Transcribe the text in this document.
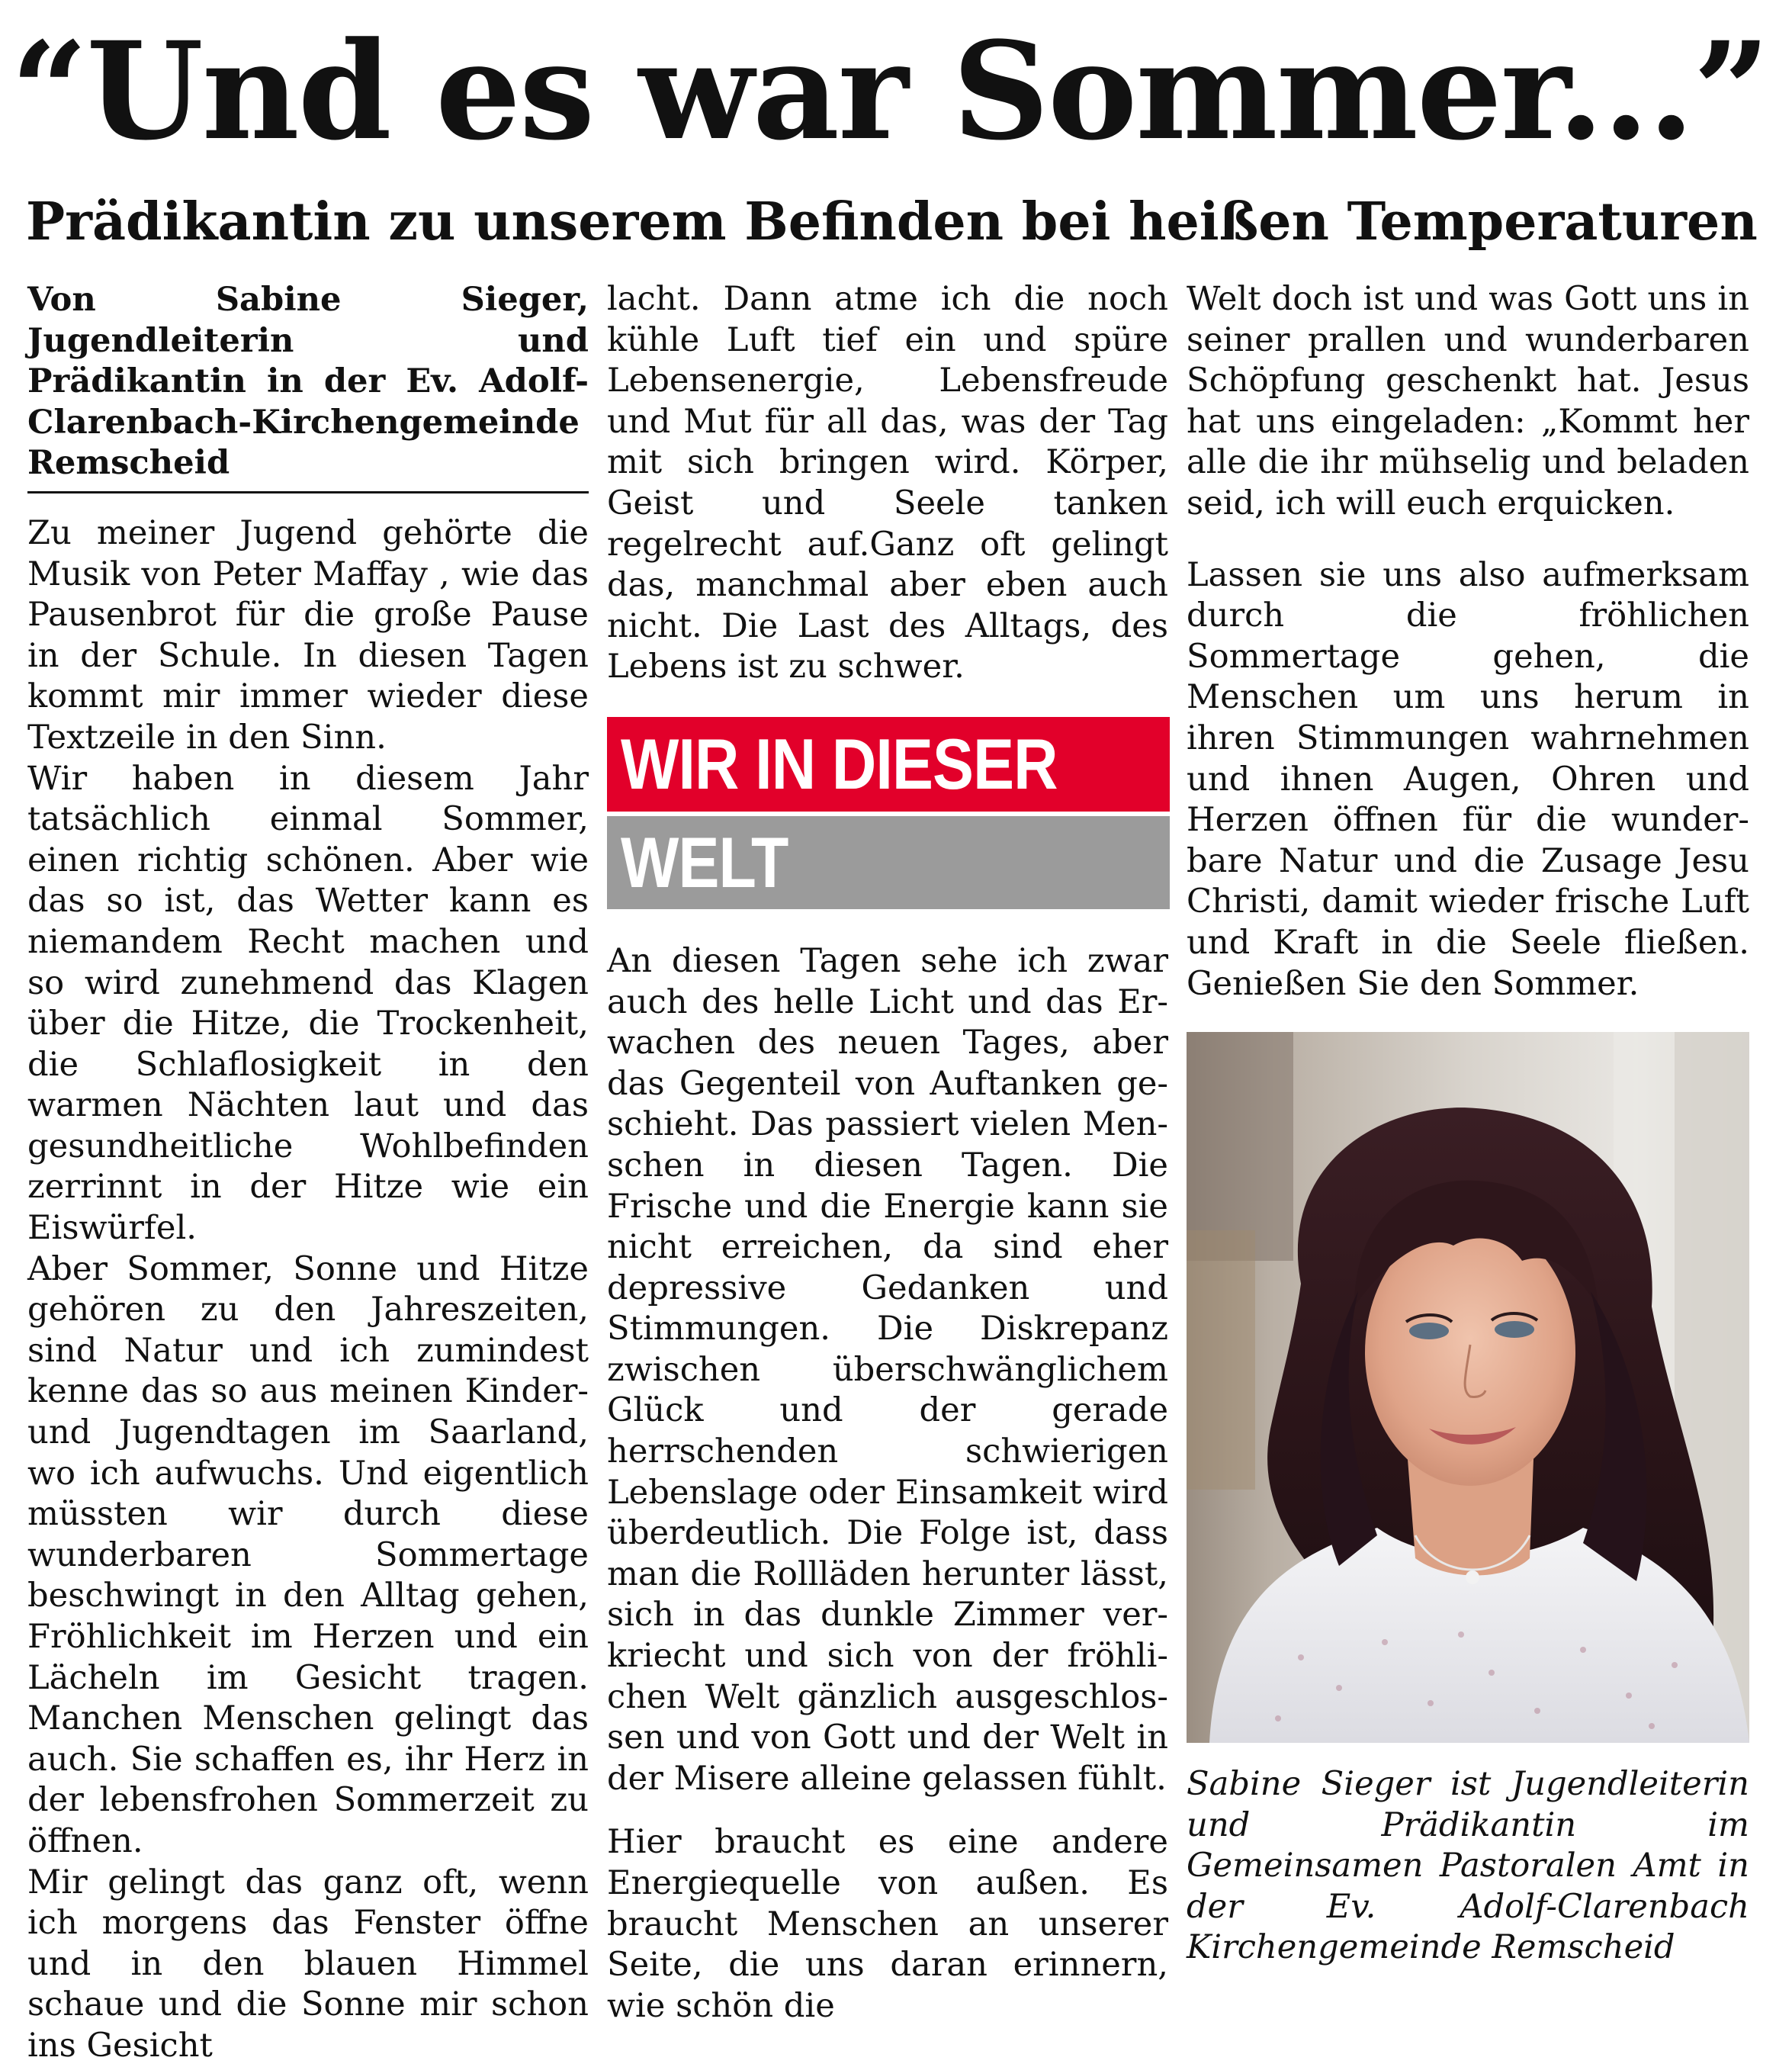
“Und es war Sommer...”
Prädikantin zu unserem Befinden bei heißen Temperaturen

Von Sabine Sieger, Jugendleiterin und Prädikantin in der Ev. Adolf-Clarenbach-Kirchengemeinde Remscheid

Zu meiner Jugend gehörte die Musik von Peter Maffay , wie das Pausenbrot für die große Pause in der Schule. In diesen Tagen kommt mir immer wieder diese Textzeile in den Sinn.

Wir haben in diesem Jahr tatsächlich einmal Sommer, einen richtig schönen. Aber wie das so ist, das Wetter kann es niemandem Recht machen und so wird zunehmend das Klagen über die Hitze, die Trockenheit, die Schlaflosigkeit in den warmen Nächten laut und das gesundheitliche Wohlbefinden zerrinnt in der Hitze wie ein Eiswürfel.

Aber Sommer, Sonne und Hitze gehören zu den Jahreszeiten, sind Natur und ich zumindest kenne das so aus meinen Kinder- und Jugendtagen im Saarland, wo ich aufwuchs. Und eigentlich müssten wir durch diese wunderbaren Sommertage beschwingt in den Alltag gehen, Fröhlichkeit im Herzen und ein Lächeln im Gesicht tragen. Manchen Menschen gelingt das auch. Sie schaffen es, ihr Herz in der lebensfrohen Sommerzeit zu öffnen.

Mir gelingt das ganz oft, wenn ich morgens das Fenster öffne und in den blauen Himmel schaue und die Sonne mir schon ins Gesicht

lacht. Dann atme ich die noch kühle Luft tief ein und spüre Lebensenergie, Lebensfreude und Mut für all das, was der Tag mit sich bringen wird. Körper, Geist und Seele tanken regelrecht auf.Ganz oft gelingt das, manchmal aber eben auch nicht. Die Last des Alltags, des Lebens ist zu schwer.

WIR IN DIESER
WELT

An diesen Tagen sehe ich zwar auch des helle Licht und das Erwachen des neuen Tages, aber das Gegenteil von Auftanken geschieht. Das passiert vielen Menschen in diesen Tagen. Die Frische und die Energie kann sie nicht erreichen, da sind eher depressive Gedanken und Stimmungen. Die Diskrepanz zwischen überschwänglichem Glück und der gerade herrschenden schwierigen Lebenslage oder Einsamkeit wird überdeutlich. Die Folge ist, dass man die Rollläden herunter lässt, sich in das dunkle Zimmer verkriecht und sich von der fröhlichen Welt gänzlich ausgeschlossen und von Gott und der Welt in der Misere alleine gelassen fühlt.

Hier braucht es eine andere Energiequelle von außen. Es braucht Menschen an unserer Seite, die uns daran erinnern, wie schön die

Welt doch ist und was Gott uns in seiner prallen und wunderbaren Schöpfung geschenkt hat. Jesus hat uns eingeladen: „Kommt her alle die ihr mühselig und beladen seid, ich will euch erquicken.

Lassen sie uns also aufmerksam durch die fröhlichen Sommertage gehen, die Menschen um uns herum in ihren Stimmungen wahrnehmen und ihnen Augen, Ohren und Herzen öffnen für die wunderbare Natur und die Zusage Jesu Christi, damit wieder frische Luft und Kraft in die Seele fließen. Genießen Sie den Sommer.

Sabine Sieger ist Jugendleiterin und Prädikantin im Gemeinsamen Pastoralen Amt in der Ev. Adolf-Clarenbach Kirchengemeinde Remscheid
